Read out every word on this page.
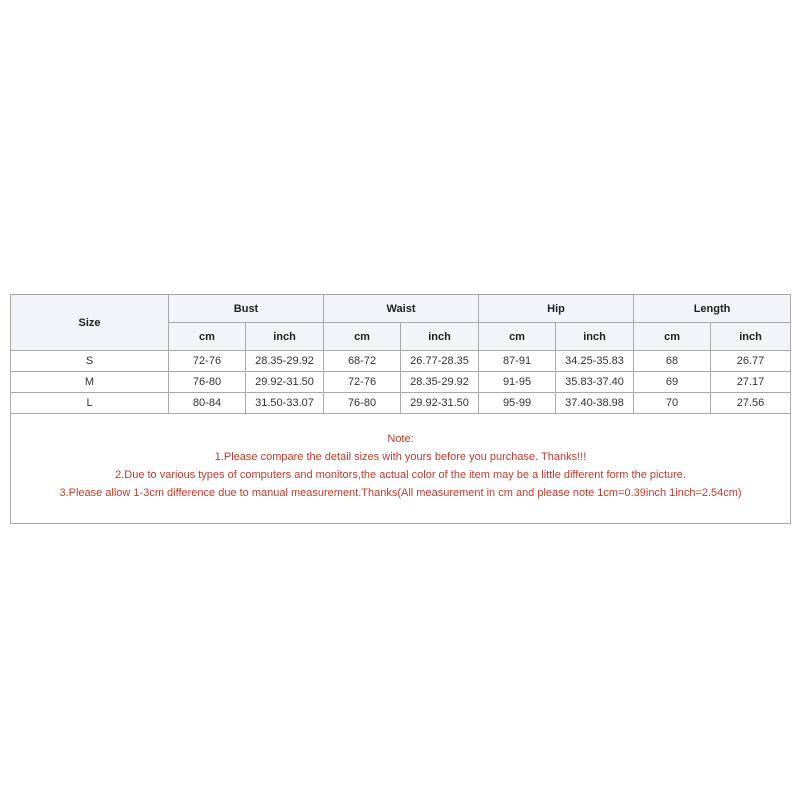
Size	Bust		Waist		Hip		Length	
	cm	inch	cm	inch	cm	inch	cm	inch
S	72-76	28.35-29.92	68-72	26.77-28.35	87-91	34.25-35.83	68	26.77
M	76-80	29.92-31.50	72-76	28.35-29.92	91-95	35.83-37.40	69	27.17
L	80-84	31.50-33.07	76-80	29.92-31.50	95-99	37.40-38.98	70	27.56

Note:
1.Please compare the detail sizes with yours before you purchase. Thanks!!!
2.Due to various types of computers and monitors,the actual color of the item may be a little different form the picture.
3.Please allow 1-3cm difference due to manual measurement.Thanks(All measurement in cm and please note 1cm=0.39inch 1inch=2.54cm)								
